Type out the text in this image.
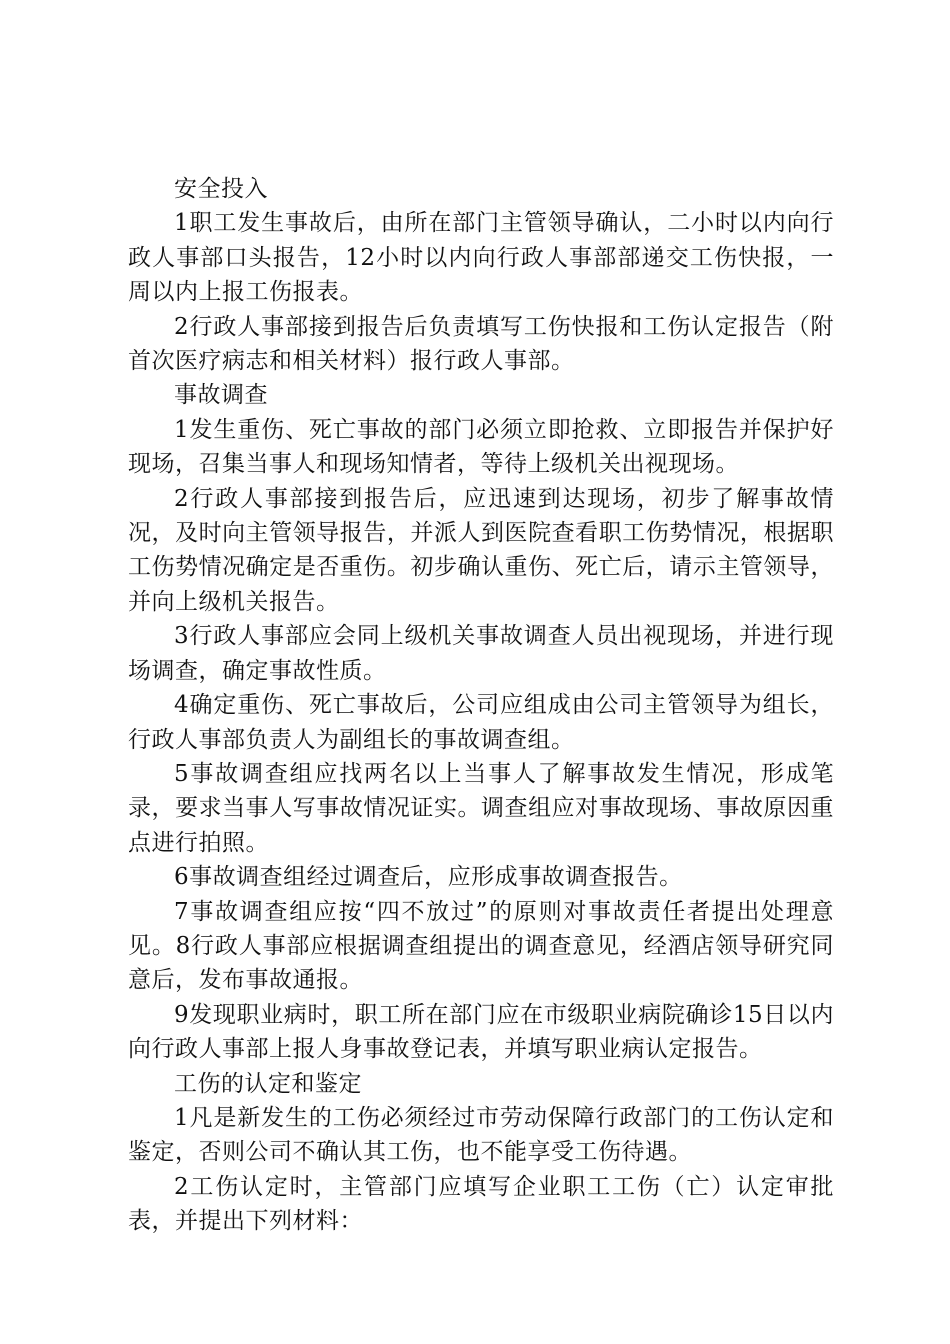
安全投入

1职工发生事故后，由所在部门主管领导确认，二小时以内向行政人事部口头报告，12小时以内向行政人事部部递交工伤快报，一周以内上报工伤报表。

2行政人事部接到报告后负责填写工伤快报和工伤认定报告（附首次医疗病志和相关材料）报行政人事部。

事故调查

1发生重伤、死亡事故的部门必须立即抢救、立即报告并保护好现场，召集当事人和现场知情者，等待上级机关出视现场。

2行政人事部接到报告后，应迅速到达现场，初步了解事故情况，及时向主管领导报告，并派人到医院查看职工伤势情况，根据职工伤势情况确定是否重伤。初步确认重伤、死亡后，请示主管领导，并向上级机关报告。

3行政人事部应会同上级机关事故调查人员出视现场，并进行现场调查，确定事故性质。

4确定重伤、死亡事故后，公司应组成由公司主管领导为组长，行政人事部负责人为副组长的事故调查组。

5事故调查组应找两名以上当事人了解事故发生情况，形成笔录，要求当事人写事故情况证实。调查组应对事故现场、事故原因重点进行拍照。

6事故调查组经过调查后，应形成事故调查报告。

7事故调查组应按“四不放过”的原则对事故责任者提出处理意见。8行政人事部应根据调查组提出的调查意见，经酒店领导研究同意后，发布事故通报。

9发现职业病时，职工所在部门应在市级职业病院确诊15日以内向行政人事部上报人身事故登记表，并填写职业病认定报告。

工伤的认定和鉴定

1凡是新发生的工伤必须经过市劳动保障行政部门的工伤认定和鉴定，否则公司不确认其工伤，也不能享受工伤待遇。

2工伤认定时，主管部门应填写企业职工工伤（亡）认定审批表，并提出下列材料：
